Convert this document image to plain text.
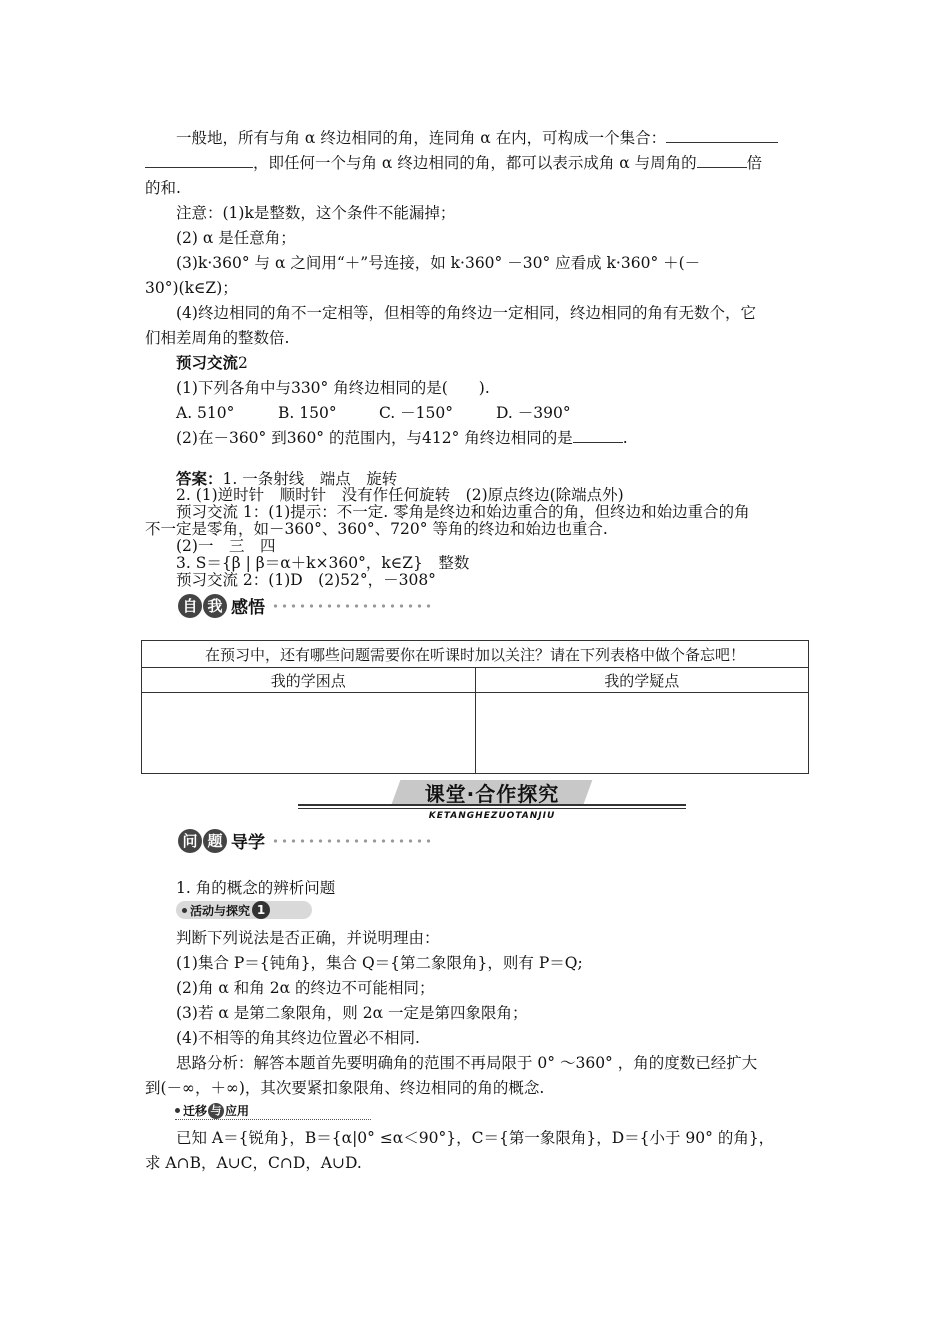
一般地，所有与角 α 终边相同的角，连同角 α 在内，可构成一个集合：
，即任何一个与角 α 终边相同的角，都可以表示成角 α 与周角的	倍
的和.
注意：(1)k是整数，这个条件不能漏掉；
(2) α 是任意角；
(3)k·360° 与 α 之间用“＋”号连接，如 k·360° －30° 应看成 k·360° ＋(－
30°)(k∈Z)；
(4)终边相同的角不一定相等，但相等的角终边一定相同，终边相同的角有无数个，它
们相差周角的整数倍.
预习交流2
(1)下列各角中与330° 角终边相同的是(　　).
A. 510°	B. 150°	C. －150°	D. －390°
(2)在－360° 到360° 的范围内，与412° 角终边相同的是	.
答案：1. 一条射线　端点　旋转
2. (1)逆时针　顺时针　没有作任何旋转　(2)原点终边(除端点外)
预习交流 1：(1)提示：不一定. 零角是终边和始边重合的角，但终边和始边重合的角
不一定是零角，如－360°、360°、720° 等角的终边和始边也重合.
(2)一　三　四
3. S＝{β | β＝α＋k×360°，k∈Z}　整数
预习交流 2：(1)D　(2)52°，－308°
自 我 感悟
在预习中，还有哪些问题需要你在听课时加以关注？请在下列表格中做个备忘吧！	
我的学困点	我的学疑点

课堂·合作探究
KETANGHEZUOTANJIU
问 题 导学
1. 角的概念的辨析问题
活动与探究 1
判断下列说法是否正确，并说明理由：
(1)集合 P＝{钝角}，集合 Q＝{第二象限角}，则有 P＝Q;
(2)角 α 和角 2α 的终边不可能相同；
(3)若 α 是第二象限角，则 2α 一定是第四象限角；
(4)不相等的角其终边位置必不相同.
思路分析：解答本题首先要明确角的范围不再局限于 0° ～360° ，角的度数已经扩大
到(－∞，＋∞)，其次要紧扣象限角、终边相同的角的概念.
迁移 与 应用
已知 A＝{锐角}，B＝{α|0° ≤α＜90°}，C＝{第一象限角}，D＝{小于 90° 的角}，
求 A∩B，A∪C，C∩D，A∪D.
